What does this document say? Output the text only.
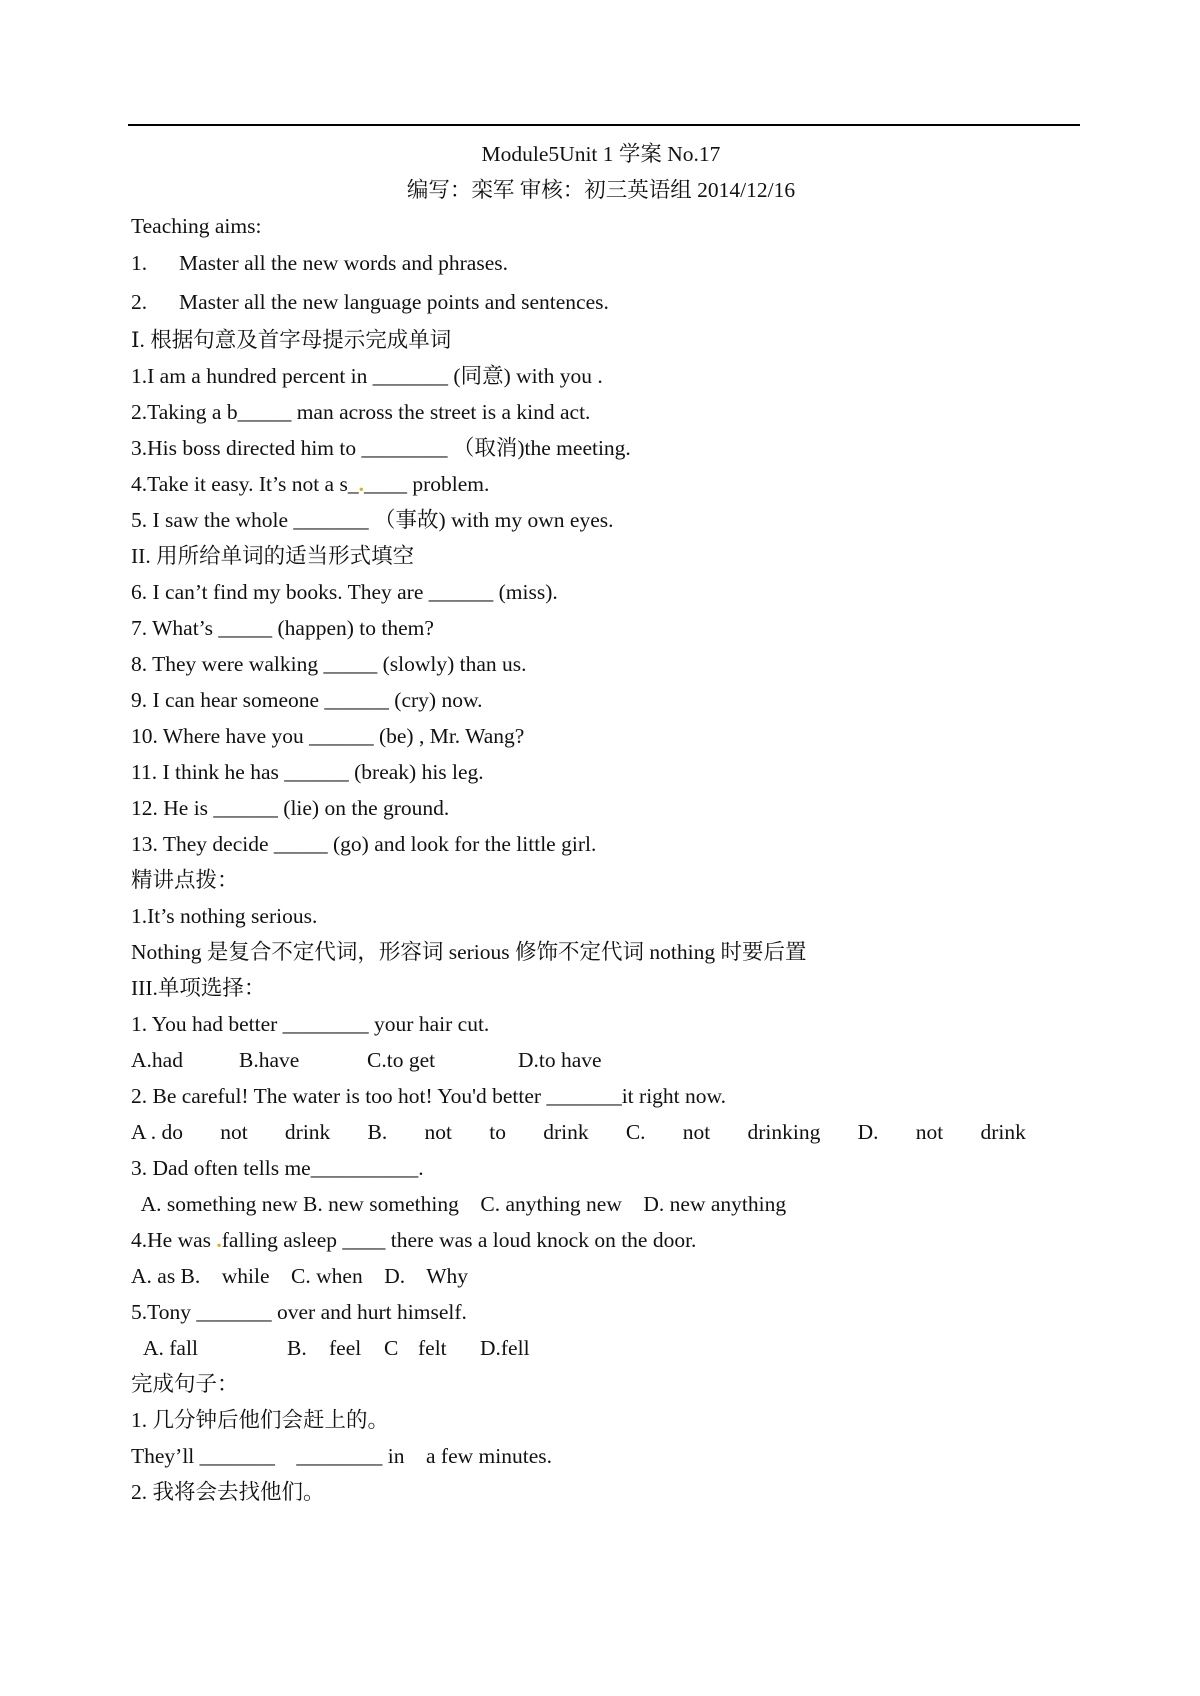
Module5Unit 1 学案 No.17
编写：栾军 审核：初三英语组 2014/12/16
Teaching aims:
1.	Master all the new words and phrases.
2.	Master all the new language points and sentences.
Ⅰ. 根据句意及首字母提示完成单词
1.I am a hundred percent in _______ (同意) with you .
2.Taking a b_____ man across the street is a kind act.
3.His boss directed him to ________ （取消)the meeting.
4.Take it easy. It’s not a s_.____ problem.
5. I saw the whole _______ （事故) with my own eyes.
II. 用所给单词的适当形式填空
6. I can’t find my books. They are ______ (miss).
7. What’s _____ (happen) to them?
8. They were walking _____ (slowly) than us.
9. I can hear someone ______ (cry) now.
10. Where have you ______ (be) , Mr. Wang?
11. I think he has ______ (break) his leg.
12. He is ______ (lie) on the ground.
13. They decide _____ (go) and look for the little girl.
精讲点拨：
1.It’s nothing serious.
Nothing 是复合不定代词，形容词 serious 修饰不定代词 nothing 时要后置
III.单项选择：
1. You had better ________ your hair cut.
A.had	B.have	C.to get	D.to have
2. Be careful! The water is too hot! You'd better _______it right now.
A . do not drink B. not to drink C. not drinking D. not drink
3. Dad often tells me__________.
A. something new B. new something    C. anything new    D. new anything
4.He was .falling asleep ____ there was a loud knock on the door.
A. as B.    while    C. when    D.    Why
5.Tony _______ over and hurt himself.
A. fall	B. feel C felt D.fell
完成句子：
1. 几分钟后他们会赶上的。
They’ll _______    ________ in    a few minutes.
2. 我将会去找他们。
